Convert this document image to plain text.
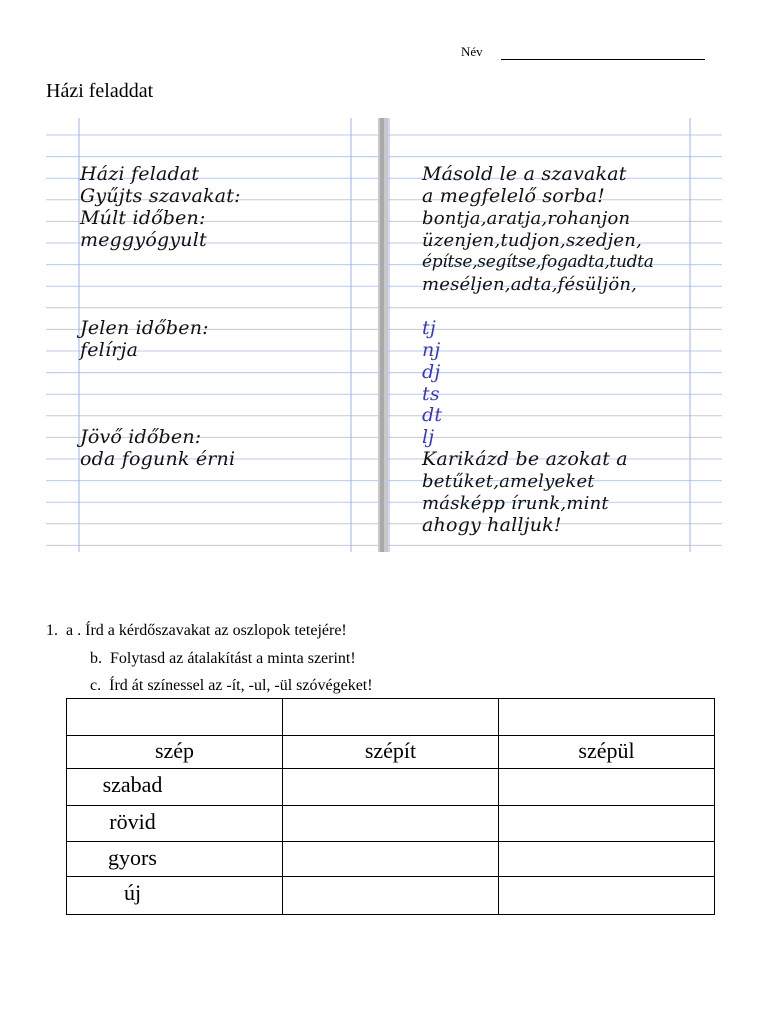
Név
Házi feladdat
Házi feladat
Gyűjts szavakat:
Múlt időben:
meggyógyult
Jelen időben:
felírja
Jövő időben:
oda fogunk érni
Másold le a szavakat
a megfelelő sorba!
bontja,aratja,rohanjon
üzenjen,tudjon,szedjen,
építse,segítse,fogadta,tudta
meséljen,adta,fésüljön,
tj
nj
dj
ts
dt
lj
Karikázd be azokat a
betűket,amelyeket
másképp írunk,mint
ahogy halljuk!
1. a . Írd a kérdőszavakat az oszlopok tetejére!
b. Folytasd az átalakítást a minta szerint!
c. Írd át színessel az -ít, -ul, -ül szóvégeket!

szép	szépít	szépül
szabad		
rövid		
gyors		
új		
